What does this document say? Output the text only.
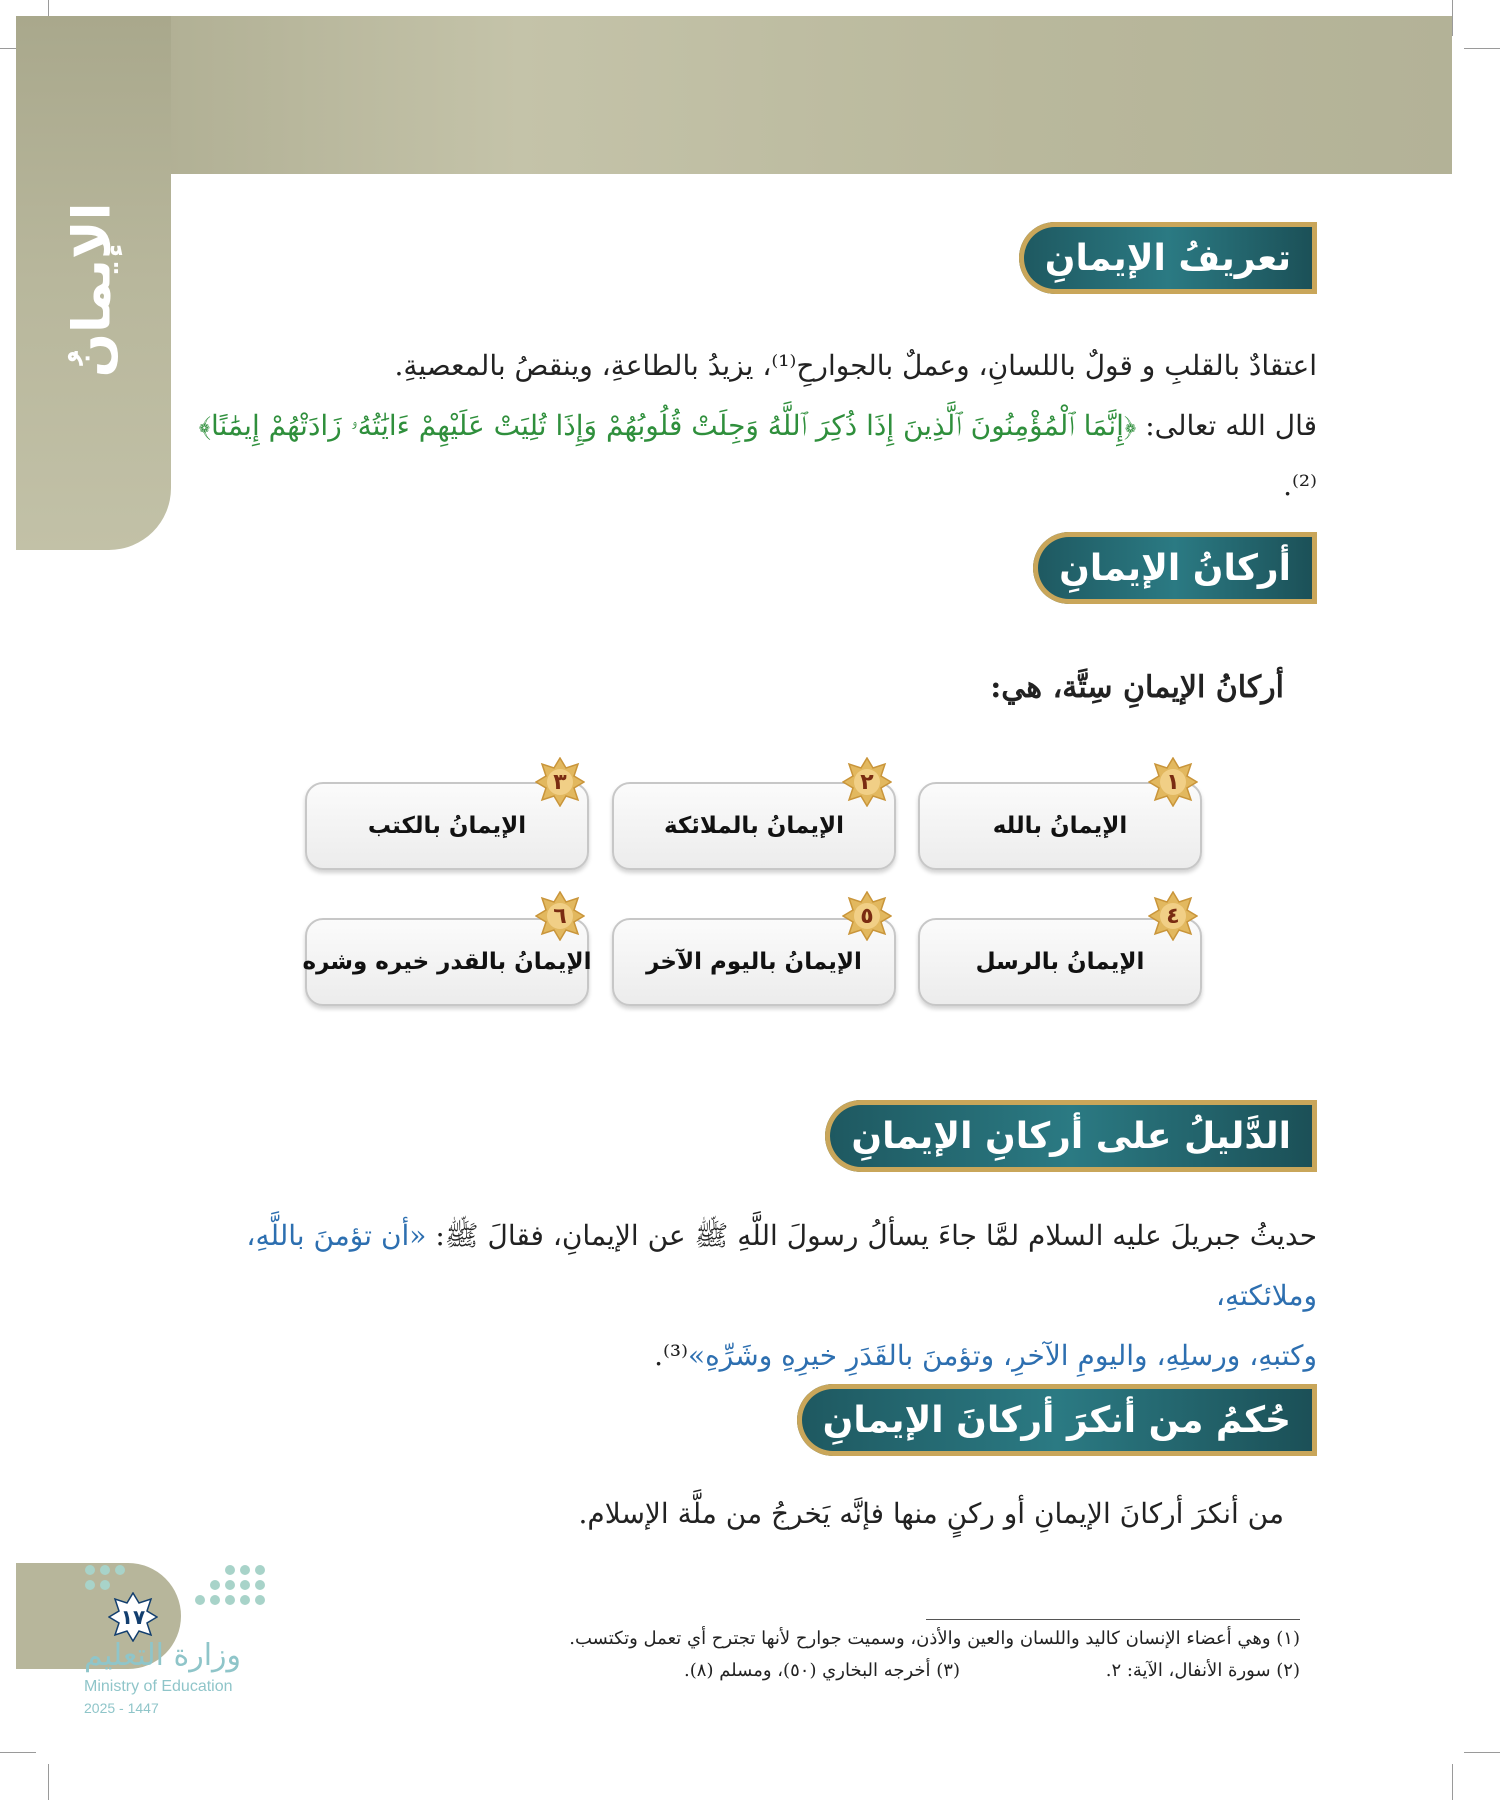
الإيمانُ	تعريفُ الإيمانِ
اعتقادٌ بالقلبِ و قولٌ باللسانِ، وعملٌ بالجوارحِ⁽¹⁾، يزيدُ بالطاعةِ، وينقصُ بالمعصيةِ.
قال الله تعالى: ﴿إِنَّمَا ٱلْمُؤْمِنُونَ ٱلَّذِينَ إِذَا ذُكِرَ ٱللَّهُ وَجِلَتْ قُلُوبُهُمْ وَإِذَا تُلِيَتْ عَلَيْهِمْ ءَايَٰتُهُۥ زَادَتْهُمْ إِيمَٰنًا﴾⁽²⁾.
أركانُ الإيمانِ
أركانُ الإيمانِ سِتَّة، هي:
الإيمانُ بالله
الإيمانُ بالملائكة
الإيمانُ بالكتب
الإيمانُ بالرسل
الإيمانُ باليوم الآخر
الإيمانُ بالقدر خيره وشره
١
٢
٣
٤
٥
٦
الدَّليلُ على أركانِ الإيمانِ
حديثُ جبريلَ عليه السلام لمَّا جاءَ يسألُ رسولَ اللَّهِ ﷺ عن الإيمانِ، فقالَ ﷺ: «أن تؤمنَ باللَّهِ، وملائكتهِ،
وكتبهِ، ورسلِهِ، واليومِ الآخرِ، وتؤمنَ بالقَدَرِ خيرِهِ وشَرِّهِ»⁽³⁾.
حُكمُ من أنكرَ أركانَ الإيمانِ
من أنكرَ أركانَ الإيمانِ أو ركنٍ منها فإنَّه يَخرجُ من ملَّة الإسلام.
(١) وهي أعضاء الإنسان كاليد واللسان والعين والأذن، وسميت جوارح لأنها تجترح أي تعمل وتكتسب.
(٢) سورة الأنفال، الآية: ٢.
(٣) أخرجه البخاري (٥٠)، ومسلم (٨).
١٧
وزارة التعليم
Ministry of Education
2025 - 1447
